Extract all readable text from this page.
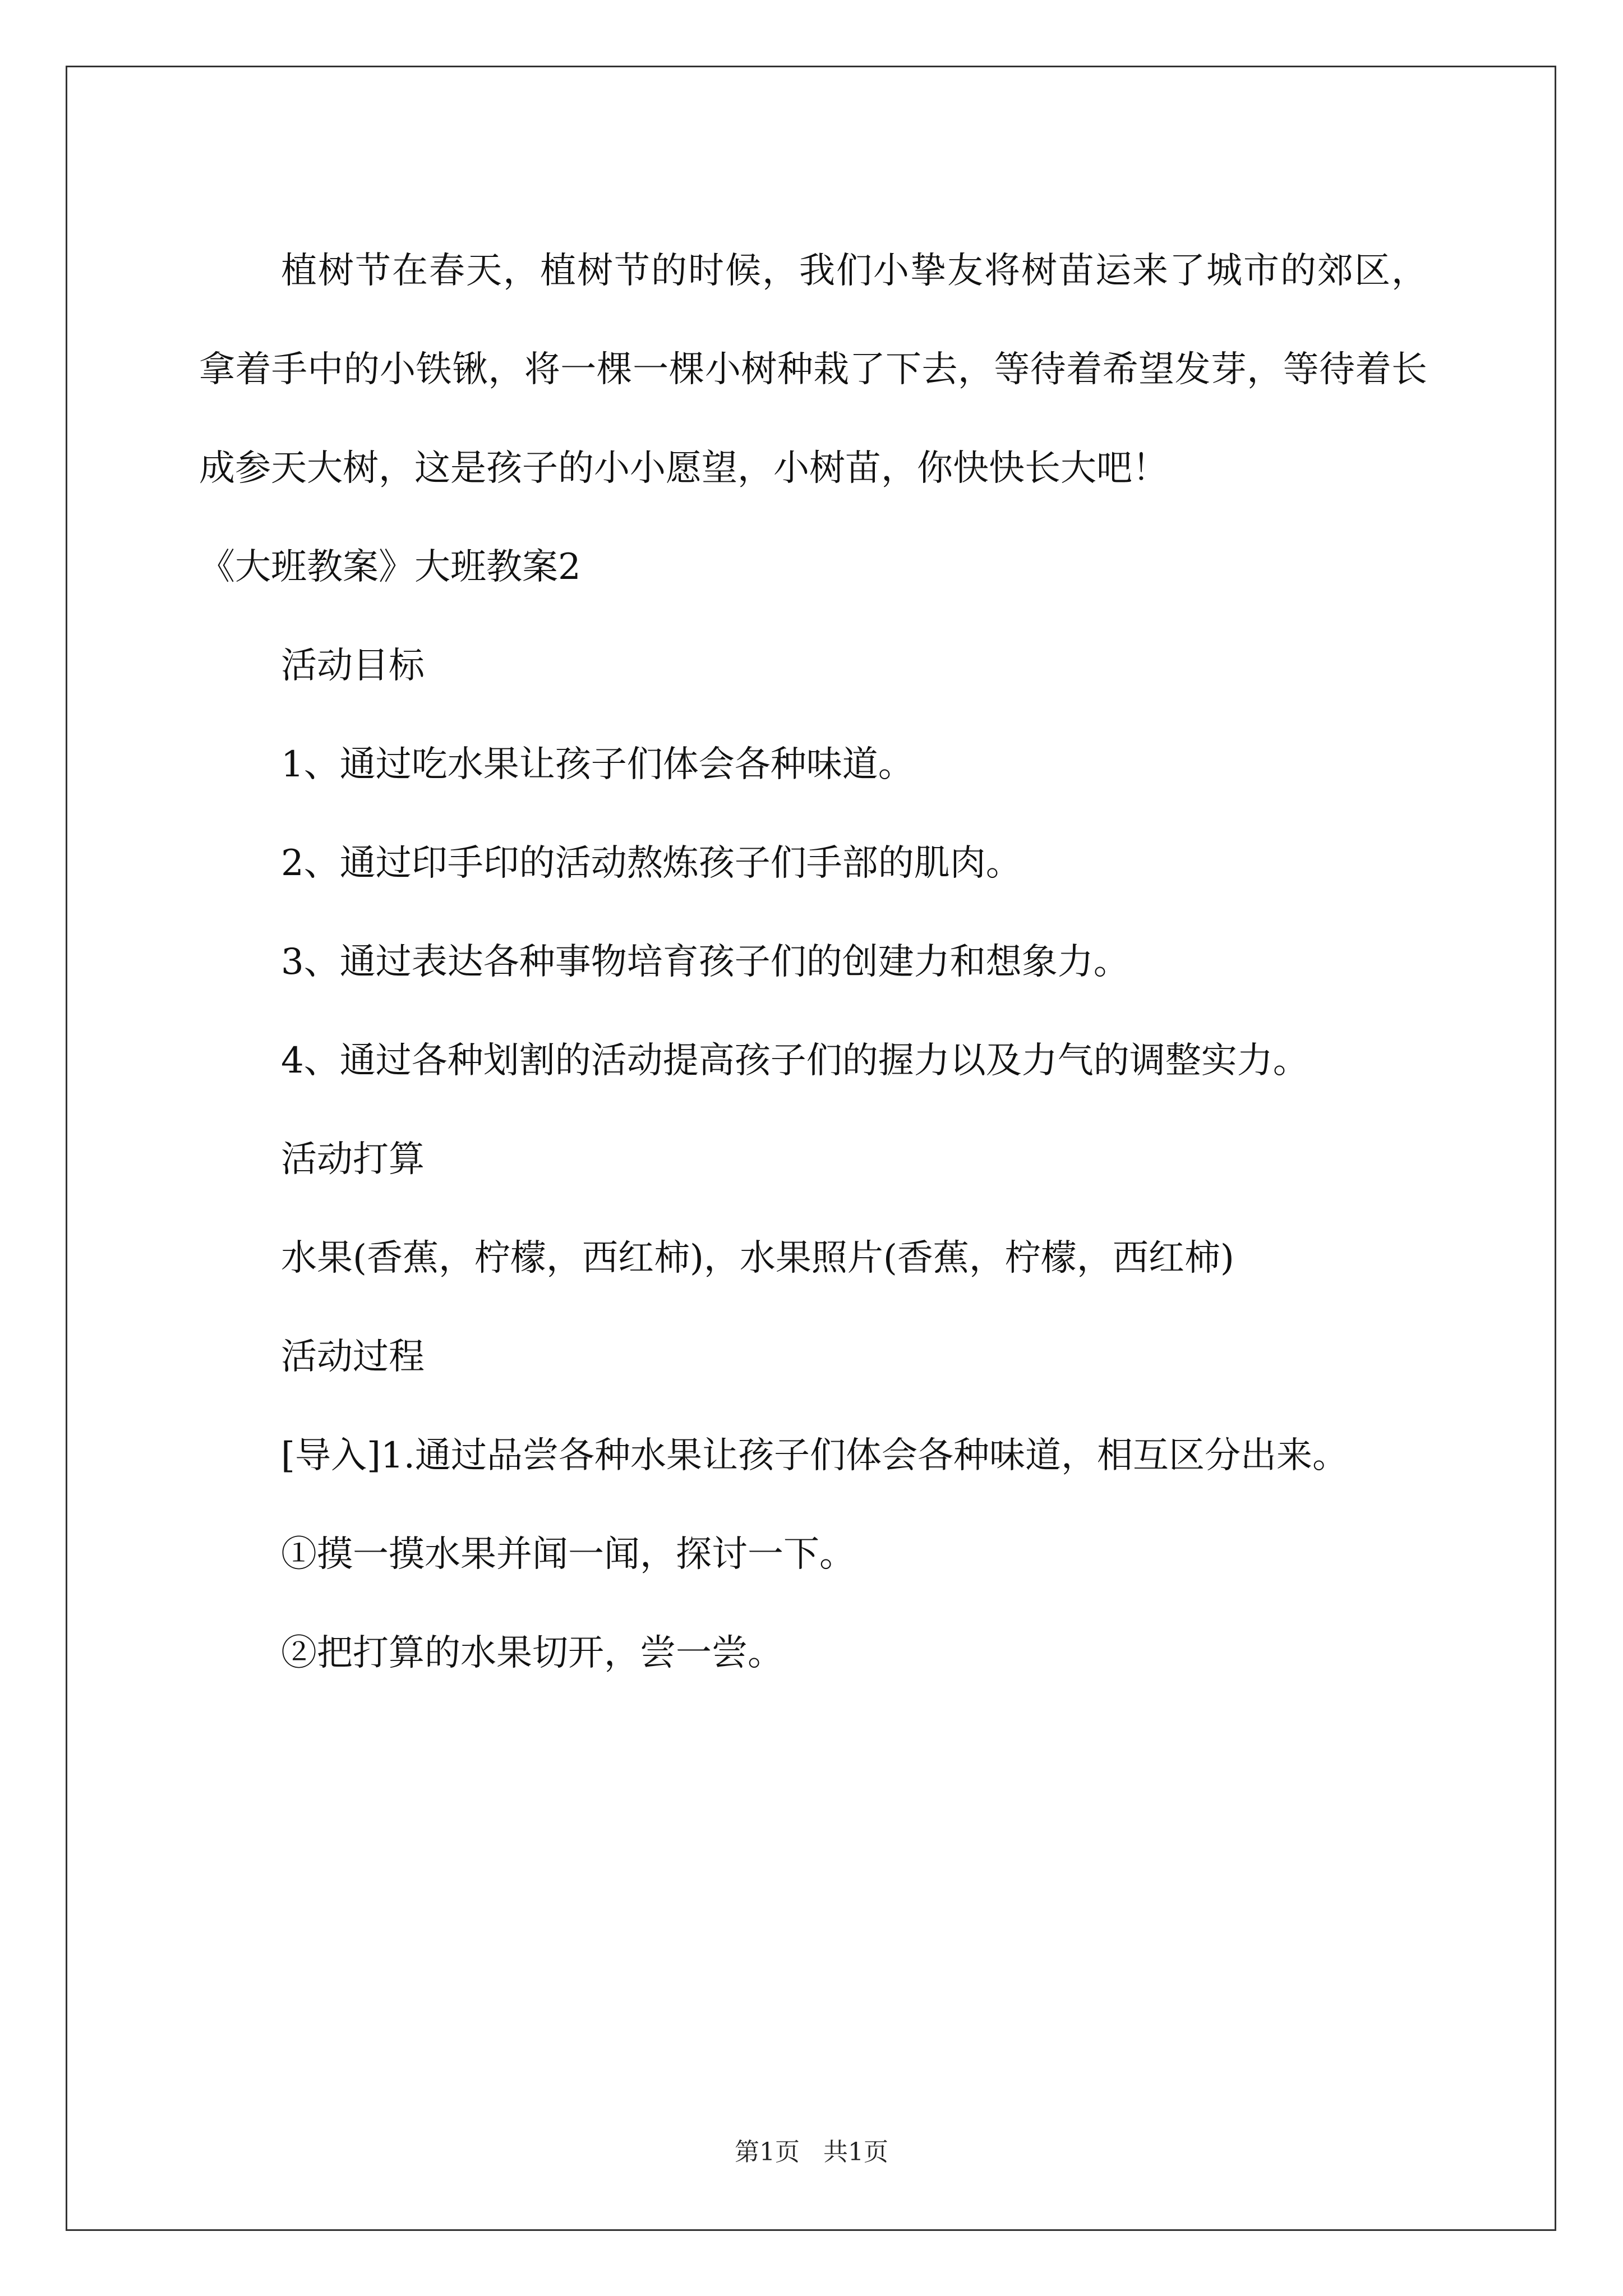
植树节在春天，植树节的时候，我们小挚友将树苗运来了城市的郊区，拿着手中的小铁锹，将一棵一棵小树种栽了下去，等待着希望发芽，等待着长成参天大树，这是孩子的小小愿望，小树苗，你快快长大吧！

《大班教案》大班教案2

活动目标

1、通过吃水果让孩子们体会各种味道。

2、通过印手印的活动熬炼孩子们手部的肌肉。

3、通过表达各种事物培育孩子们的创建力和想象力。

4、通过各种划割的活动提高孩子们的握力以及力气的调整实力。

活动打算

水果(香蕉，柠檬，西红柿)，水果照片(香蕉，柠檬，西红柿)

活动过程

[导入]1.通过品尝各种水果让孩子们体会各种味道，相互区分出来。

①摸一摸水果并闻一闻，探讨一下。

②把打算的水果切开，尝一尝。

第1页   共1页
